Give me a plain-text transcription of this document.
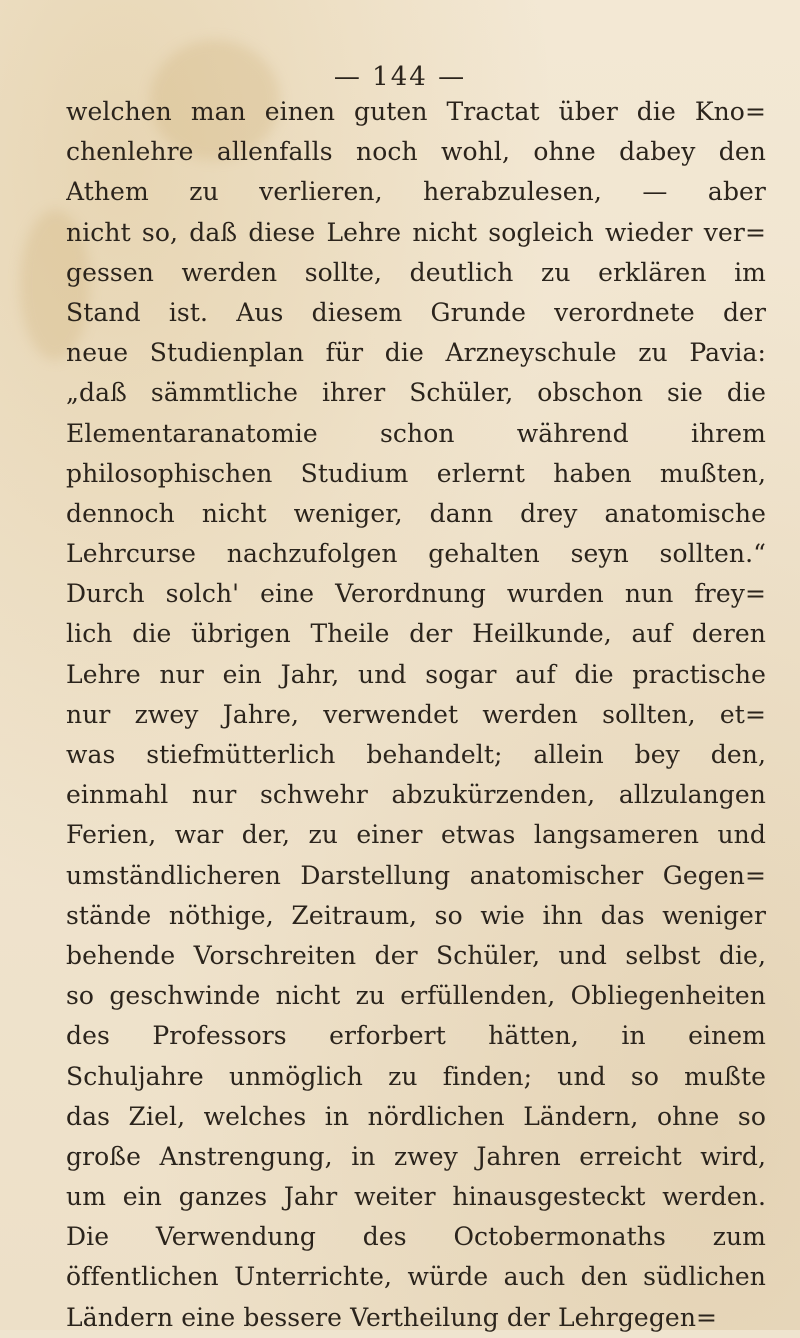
— 144 —
welchen man einen guten Tractat über die Kno=
chenlehre allenfalls noch wohl, ohne dabey den
Athem zu verlieren, herabzulesen, — aber
nicht so, daß diese Lehre nicht sogleich wieder ver=
gessen werden sollte, deutlich zu erklären im
Stand ist. Aus diesem Grunde verordnete der
neue Studienplan für die Arzneyschule zu Pavia:
„daß sämmtliche ihrer Schüler, obschon sie die
Elementaranatomie schon während ihrem
philosophischen Studium erlernt haben mußten,
dennoch nicht weniger, dann drey anatomische
Lehrcurse nachzufolgen gehalten seyn sollten.“
Durch solch' eine Verordnung wurden nun frey=
lich die übrigen Theile der Heilkunde, auf deren
Lehre nur ein Jahr, und sogar auf die practische
nur zwey Jahre, verwendet werden sollten, et=
was stiefmütterlich behandelt; allein bey den,
einmahl nur schwehr abzukürzenden, allzulangen
Ferien, war der, zu einer etwas langsameren und
umständlicheren Darstellung anatomischer Gegen=
stände nöthige, Zeitraum, so wie ihn das weniger
behende Vorschreiten der Schüler, und selbst die,
so geschwinde nicht zu erfüllenden, Obliegenheiten
des Professors erforbert hätten, in einem
Schuljahre unmöglich zu finden; und so mußte
das Ziel, welches in nördlichen Ländern, ohne so
große Anstrengung, in zwey Jahren erreicht wird,
um ein ganzes Jahr weiter hinausgesteckt werden.
Die Verwendung des Octobermonaths zum
öffentlichen Unterrichte, würde auch den südlichen
Ländern eine bessere Vertheilung der Lehrgegen=
